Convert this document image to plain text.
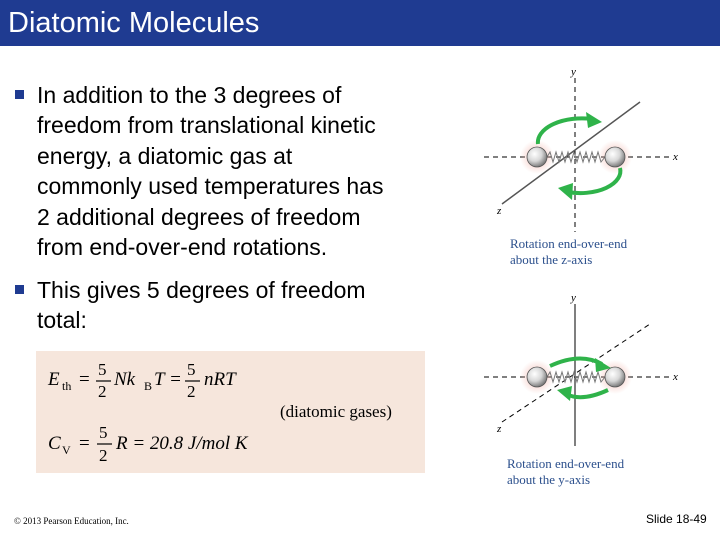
Diatomic Molecules
In addition to the 3 degrees of
freedom from translational kinetic
energy, a diatomic gas at
commonly used temperatures has
2 additional degrees of freedom
from end-over-end rotations.
This gives 5 degrees of freedom
total:
E th = 5
2
Nk B T = 5
2
nRT
(diatomic gases)
C V =
5
2
R = 20.8 J/mol K
y
x
z
Rotation end-over-end
about the z-axis
y
x
z
Rotation end-over-end
about the y-axis
© 2013 Pearson Education, Inc.	Slide 18-49
